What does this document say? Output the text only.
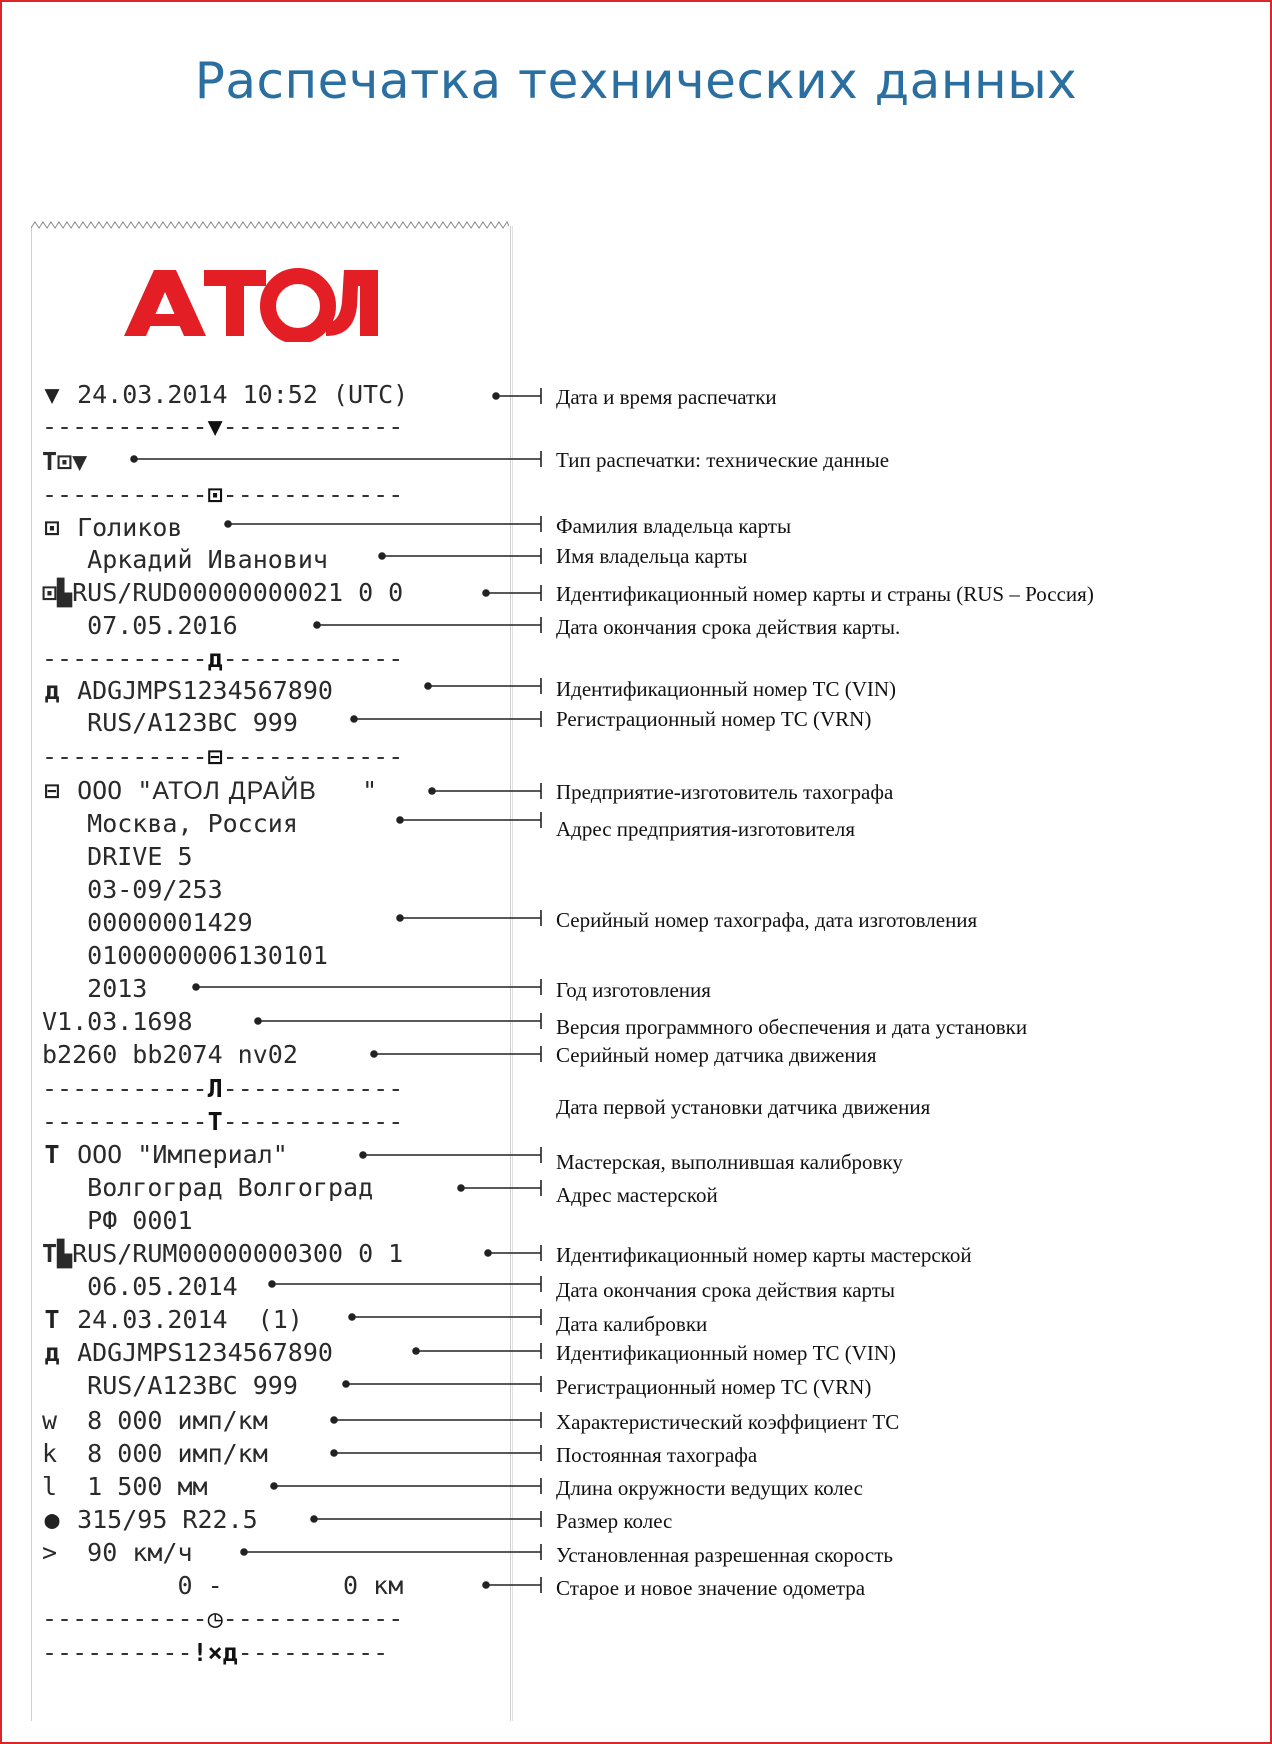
Распечатка технических данных
▼ 24.03.2014 10:52 (UTC)
-----------▼------------
T⊡▼
-----------⊡------------
⊡ Голиков
Аркадий Иванович
⊡▙RUS/RUD00000000021 0 0
07.05.2016
-----------д------------
д ADGJMPS1234567890
RUS/A123BC 999
-----------⊟------------
⊟ ООО "АТОЛ ДРАЙВ "
Москва, Россия
DRIVE 5
03-09/253
00000001429
0100000006130101
2013
V1.03.1698
b2260 bb2074 nv02
-----------Л------------
-----------T------------
T ООО "Империал"
Волгоград Волгоград
РФ 0001
T▙RUS/RUM00000000300 0 1
06.05.2014
T 24.03.2014  (1)
д ADGJMPS1234567890
RUS/A123BC 999
w 8 000 имп/км
k 8 000 имп/км
l 1 500 мм
● 315/95 R22.5
> 90 км/ч
0 -	0 км
-----------◷------------
----------!×д----------
Дата и время распечатки
Тип распечатки: технические данные
Фамилия владельца карты
Имя владельца карты
Идентификационный номер карты и страны (RUS – Россия)
Дата окончания срока действия карты.
Идентификационный номер ТС (VIN)
Регистрационный номер ТС (VRN)
Предприятие-изготовитель тахографа
Адрес предприятия-изготовителя
Серийный номер тахографа, дата изготовления
Год изготовления
Версия программного обеспечения и дата установки
Серийный номер датчика движения
Дата первой установки датчика движения
Мастерская, выполнившая калибровку
Адрес мастерской
Идентификационный номер карты мастерской
Дата окончания срока действия карты
Дата калибровки
Идентификационный номер ТС (VIN)
Регистрационный номер ТС (VRN)
Характеристический коэффициент ТС
Постоянная тахографа
Длина окружности ведущих колес
Размер колес
Установленная разрешенная скорость
Старое и новое значение одометра
